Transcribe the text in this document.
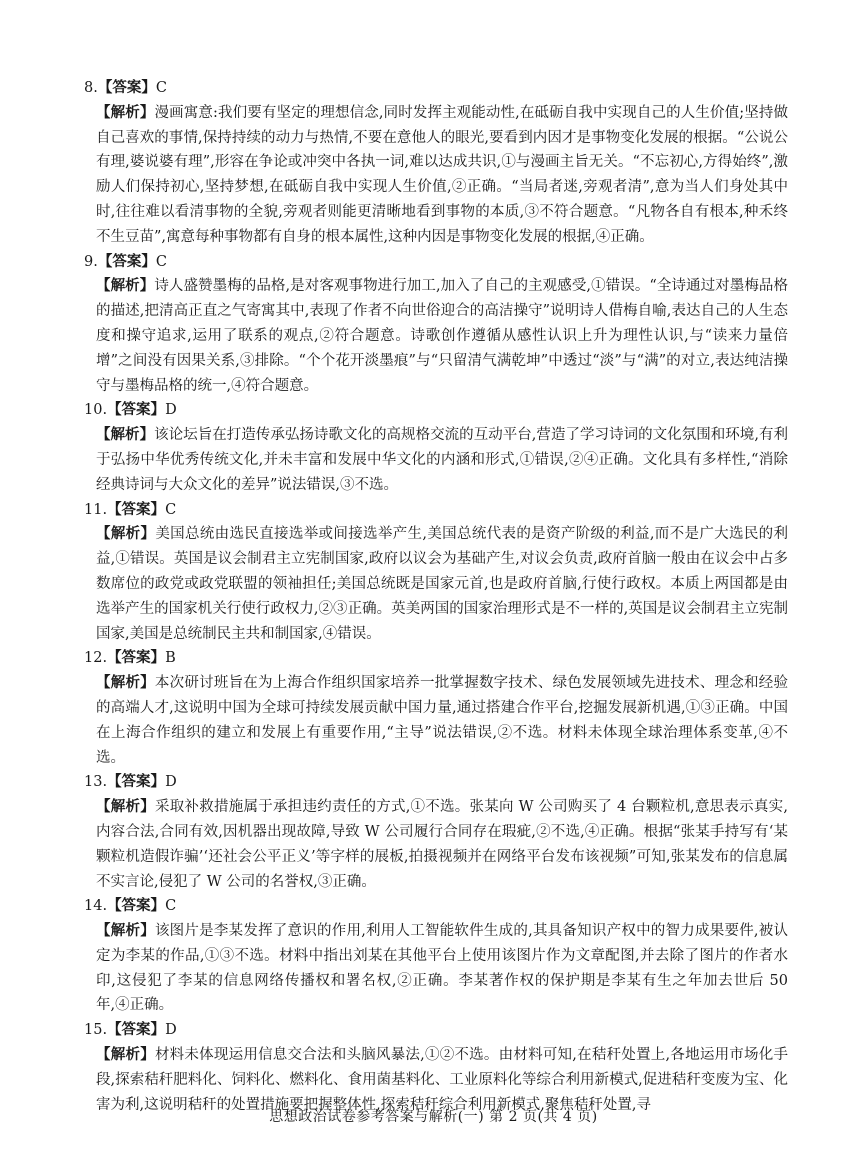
8.【答案】C
【解析】漫画寓意:我们要有坚定的理想信念,同时发挥主观能动性,在砥砺自我中实现自己的人生价值;坚持做自己喜欢的事情,保持持续的动力与热情,不要在意他人的眼光,要看到内因才是事物变化发展的根据。“公说公有理,婆说婆有理”,形容在争论或冲突中各执一词,难以达成共识,①与漫画主旨无关。“不忘初心,方得始终”,激励人们保持初心,坚持梦想,在砥砺自我中实现人生价值,②正确。“当局者迷,旁观者清”,意为当人们身处其中时,往往难以看清事物的全貌,旁观者则能更清晰地看到事物的本质,③不符合题意。“凡物各自有根本,种禾终不生豆苗”,寓意每种事物都有自身的根本属性,这种内因是事物变化发展的根据,④正确。
9.【答案】C
【解析】诗人盛赞墨梅的品格,是对客观事物进行加工,加入了自己的主观感受,①错误。“全诗通过对墨梅品格的描述,把清高正直之气寄寓其中,表现了作者不向世俗迎合的高洁操守”说明诗人借梅自喻,表达自己的人生态度和操守追求,运用了联系的观点,②符合题意。诗歌创作遵循从感性认识上升为理性认识,与“读来力量倍增”之间没有因果关系,③排除。“个个花开淡墨痕”与“只留清气满乾坤”中透过“淡”与“满”的对立,表达纯洁操守与墨梅品格的统一,④符合题意。
10.【答案】D
【解析】该论坛旨在打造传承弘扬诗歌文化的高规格交流的互动平台,营造了学习诗词的文化氛围和环境,有利于弘扬中华优秀传统文化,并未丰富和发展中华文化的内涵和形式,①错误,②④正确。文化具有多样性,“消除经典诗词与大众文化的差异”说法错误,③不选。
11.【答案】C
【解析】美国总统由选民直接选举或间接选举产生,美国总统代表的是资产阶级的利益,而不是广大选民的利益,①错误。英国是议会制君主立宪制国家,政府以议会为基础产生,对议会负责,政府首脑一般由在议会中占多数席位的政党或政党联盟的领袖担任;美国总统既是国家元首,也是政府首脑,行使行政权。本质上两国都是由选举产生的国家机关行使行政权力,②③正确。英美两国的国家治理形式是不一样的,英国是议会制君主立宪制国家,美国是总统制民主共和制国家,④错误。
12.【答案】B
【解析】本次研讨班旨在为上海合作组织国家培养一批掌握数字技术、绿色发展领域先进技术、理念和经验的高端人才,这说明中国为全球可持续发展贡献中国力量,通过搭建合作平台,挖掘发展新机遇,①③正确。中国在上海合作组织的建立和发展上有重要作用,“主导”说法错误,②不选。材料未体现全球治理体系变革,④不选。
13.【答案】D
【解析】采取补救措施属于承担违约责任的方式,①不选。张某向 W 公司购买了 4 台颗粒机,意思表示真实,内容合法,合同有效,因机器出现故障,导致 W 公司履行合同存在瑕疵,②不选,④正确。根据“张某手持写有‘某颗粒机造假诈骗’‘还社会公平正义’等字样的展板,拍摄视频并在网络平台发布该视频”可知,张某发布的信息属不实言论,侵犯了 W 公司的名誉权,③正确。
14.【答案】C
【解析】该图片是李某发挥了意识的作用,利用人工智能软件生成的,其具备知识产权中的智力成果要件,被认定为李某的作品,①③不选。材料中指出刘某在其他平台上使用该图片作为文章配图,并去除了图片的作者水印,这侵犯了李某的信息网络传播权和署名权,②正确。李某著作权的保护期是李某有生之年加去世后 50 年,④正确。
15.【答案】D
【解析】材料未体现运用信息交合法和头脑风暴法,①②不选。由材料可知,在秸秆处置上,各地运用市场化手段,探索秸秆肥料化、饲料化、燃料化、食用菌基料化、工业原料化等综合利用新模式,促进秸秆变废为宝、化害为利,这说明秸秆的处置措施要把握整体性,探索秸秆综合利用新模式,聚焦秸秆处置,寻
思想政治试卷参考答案与解析(一) 第 2 页(共 4 页)
